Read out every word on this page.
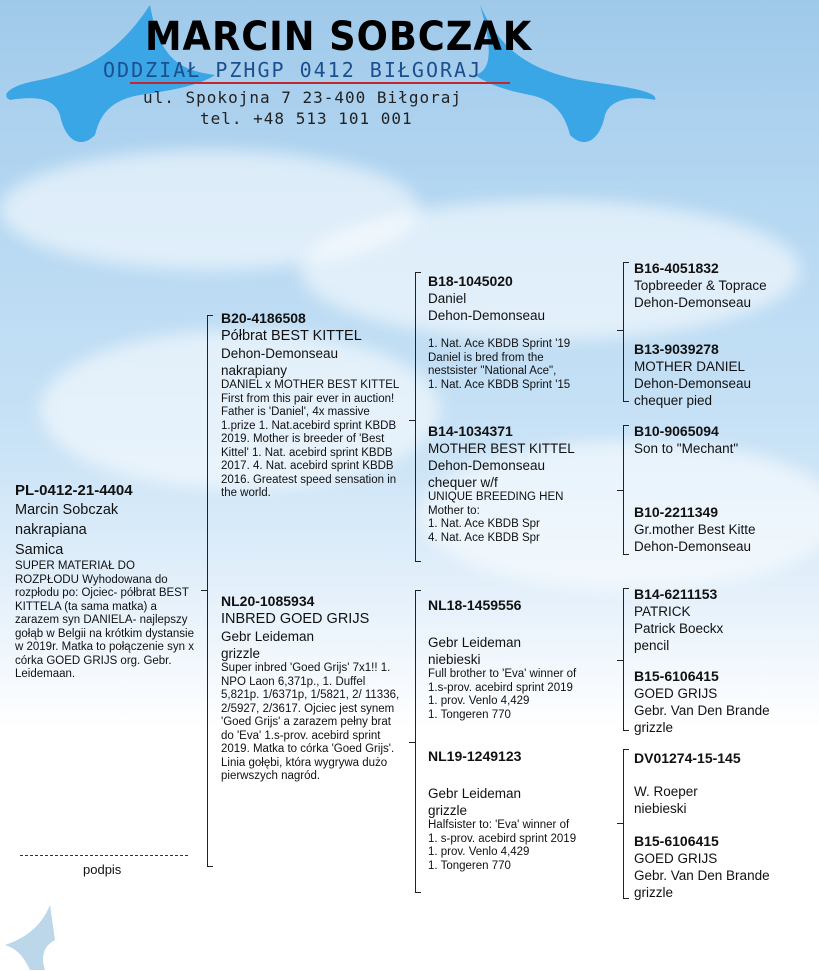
MARCIN SOBCZAK
ODDZIAŁ PZHGP 0412 BIŁGORAJ
ul. Spokojna 7 23-400 Biłgoraj
tel. +48 513 101 001
PL-0412-21-4404
Marcin Sobczak
nakrapiana
Samica
SUPER MATERIAŁ DO ROZPŁODU Wyhodowana do rozpłodu po: Ojciec- półbrat BEST KITTELA (ta sama matka) a zarazem syn DANIELA- najlepszy gołąb w Belgii na krótkim dystansie w 2019r. Matka to połączenie syn x córka GOED GRIJS org. Gebr. Leidemaan.
podpis
B20-4186508
Półbrat BEST KITTEL
Dehon-Demonseau
nakrapiany
DANIEL x MOTHER BEST KITTEL First from this pair ever in auction! Father is 'Daniel', 4x massive 1.prize 1. Nat.acebird sprint KBDB 2019. Mother is breeder of 'Best Kittel' 1. Nat. acebird sprint KBDB 2017. 4. Nat. acebird sprint KBDB 2016. Greatest speed sensation in the world.
NL20-1085934
INBRED GOED GRIJS
Gebr Leideman
grizzle
Super inbred 'Goed Grijs' 7x1!! 1. NPO Laon 6,371p., 1. Duffel 5,821p. 1/6371p, 1/5821, 2/ 11336, 2/5927, 2/3617. Ojciec jest synem 'Goed Grijs' a zarazem pełny brat do 'Eva' 1.s-prov. acebird sprint 2019. Matka to córka 'Goed Grijs'. Linia gołębi, która wygrywa dużo pierwszych nagród.
B18-1045020
Daniel
Dehon-Demonseau
1. Nat. Ace KBDB Sprint '19
Daniel is bred from the
nestsister "National Ace",
1. Nat. Ace KBDB Sprint '15
B14-1034371
MOTHER BEST KITTEL
Dehon-Demonseau
chequer w/f
UNIQUE BREEDING HEN
Mother to:
1. Nat. Ace KBDB Spr
4. Nat. Ace KBDB Spr
NL18-1459556
Gebr Leideman
niebieski
Full brother to 'Eva' winner of
1.s-prov. acebird sprint 2019
1. prov. Venlo 4,429
1. Tongeren 770
NL19-1249123
Gebr Leideman
grizzle
Halfsister to: 'Eva' winner of
1. s-prov. acebird sprint 2019
1. prov. Venlo 4,429
1. Tongeren 770
B16-4051832
Topbreeder & Toprace
Dehon-Demonseau
B13-9039278
MOTHER DANIEL
Dehon-Demonseau
chequer pied
B10-9065094
Son to "Mechant"
B10-2211349
Gr.mother Best Kitte
Dehon-Demonseau
B14-6211153
PATRICK
Patrick Boeckx
pencil
B15-6106415
GOED GRIJS
Gebr. Van Den Brande
grizzle
DV01274-15-145
W. Roeper
niebieski
B15-6106415
GOED GRIJS
Gebr. Van Den Brande
grizzle
